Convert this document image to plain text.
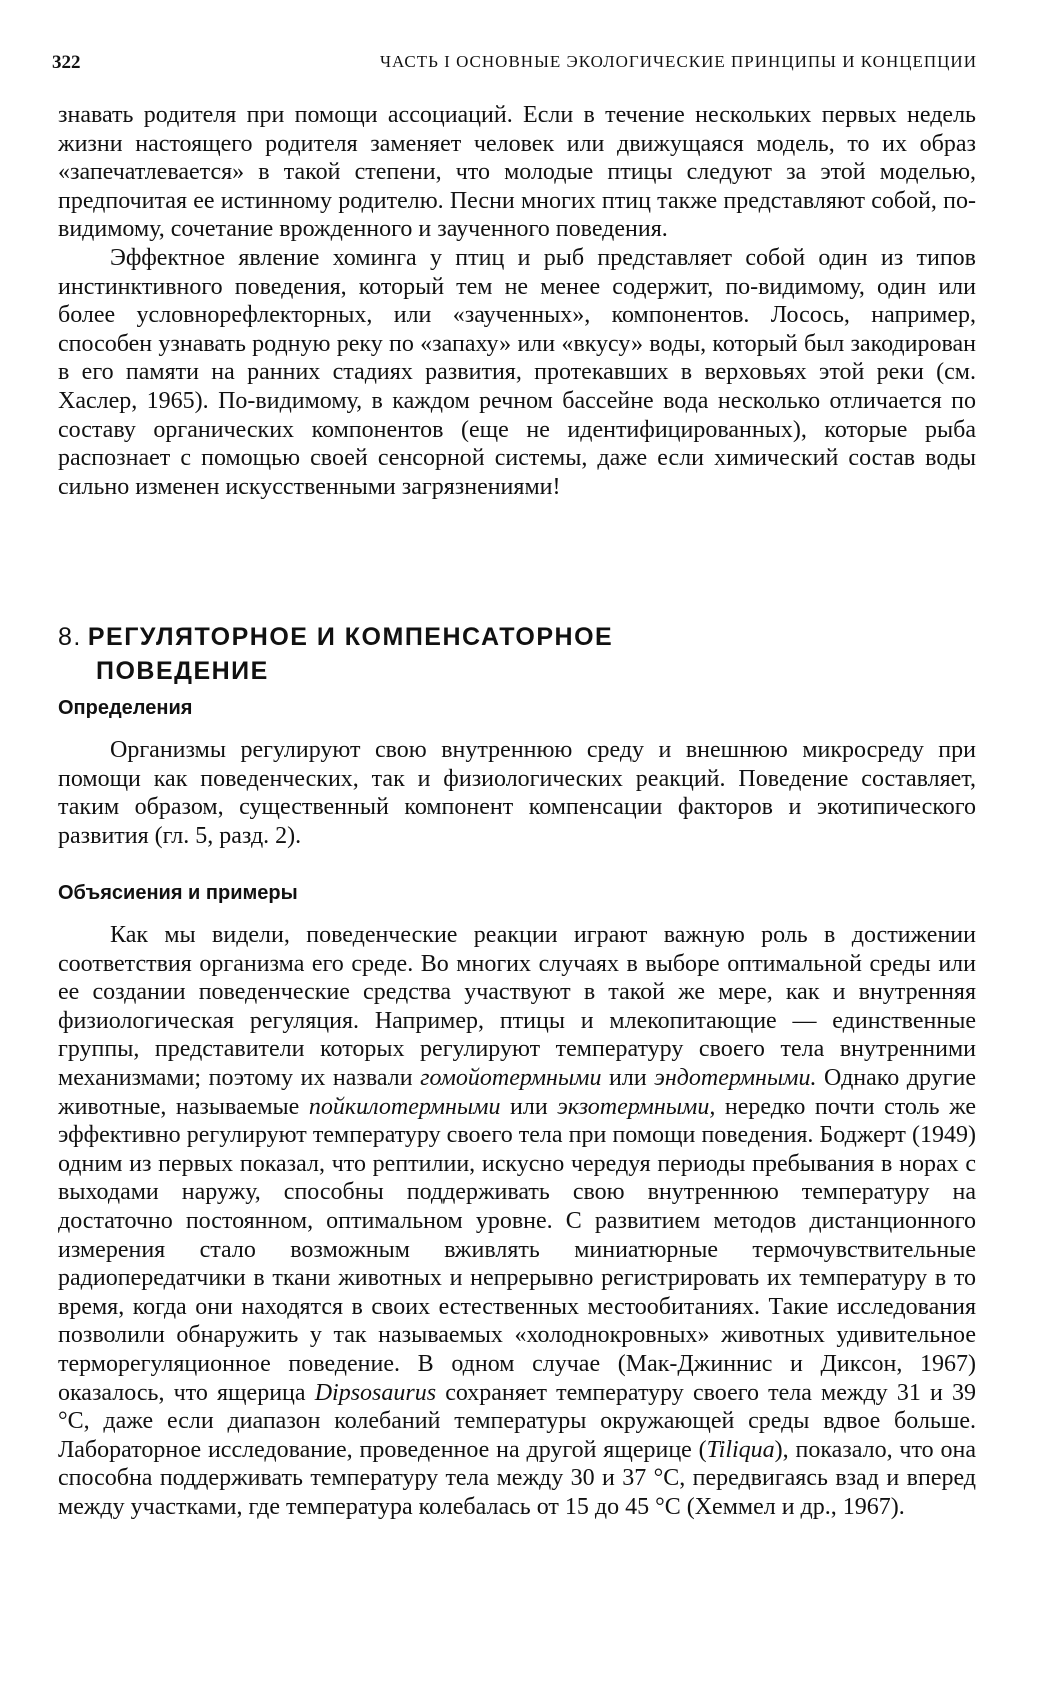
322	ЧАСТЬ I ОСНОВНЫЕ ЭКОЛОГИЧЕСКИЕ ПРИНЦИПЫ И КОНЦЕПЦИИ

знавать родителя при помощи ассоциаций. Если в течение нескольких первых недель жизни настоящего родителя заменяет человек или движущаяся модель, то их образ «запечатлевается» в такой степени, что молодые птицы следуют за этой моделью, предпочитая ее истинному родителю. Песни многих птиц также представляют собой, по-видимому, сочетание врожденного и заученного поведения.

Эффектное явление хоминга у птиц и рыб представляет собой один из типов инстинктивного поведения, который тем не менее содержит, по-видимому, один или более условнорефлекторных, или «заученных», компонентов. Лосось, например, способен узнавать родную реку по «запаху» или «вкусу» воды, который был закодирован в его памяти на ранних стадиях развития, протекавших в верховьях этой реки (см. Хаслер, 1965). По-видимому, в каждом речном бассейне вода несколько отличается по составу органических компонентов (еще не идентифицированных), которые рыба распознает с помощью своей сенсорной системы, даже если химический состав воды сильно изменен искусственными загрязнениями!

8. РЕГУЛЯТОРНОЕ И КОМПЕНСАТОРНОЕ
ПОВЕДЕНИЕ
Определения

Организмы регулируют свою внутреннюю среду и внешнюю микросреду при помощи как поведенческих, так и физиологических реакций. Поведение составляет, таким образом, существенный компонент компенсации факторов и экотипического развития (гл. 5, разд. 2).

Объясиения и примеры

Как мы видели, поведенческие реакции играют важную роль в достижении соответствия организма его среде. Во многих случаях в выборе оптимальной среды или ее создании поведенческие средства участвуют в такой же мере, как и внутренняя физиологическая регуляция. Например, птицы и млекопитающие — единственные группы, представители которых регулируют температуру своего тела внутренними механизмами; поэтому их назвали гомойотермными или эндотермными. Однако другие животные, называемые пойкилотермными или экзотермными, нередко почти столь же эффективно регулируют температуру своего тела при помощи поведения. Боджерт (1949) одним из первых показал, что рептилии, искусно чередуя периоды пребывания в норах с выходами наружу, способны поддерживать свою внутреннюю температуру на достаточно постоянном, оптимальном уровне. С развитием методов дистанционного измерения стало возможным вживлять миниатюрные термочувствительные радиопередатчики в ткани животных и непрерывно регистрировать их температуру в то время, когда они находятся в своих естественных местообитаниях. Такие исследования позволили обнаружить у так называемых «холоднокровных» животных удивительное терморегуляционное поведение. В одном случае (Мак-Джиннис и Диксон, 1967) оказалось, что ящерица Dipsosaurus сохраняет температуру своего тела между 31 и 39 °C, даже если диапазон колебаний температуры окружающей среды вдвое больше. Лабораторное исследование, проведенное на другой ящерице (Tiliqua), показало, что она способна поддерживать температуру тела между 30 и 37 °C, передвигаясь взад и вперед между участками, где температура колебалась от 15 до 45 °C (Хеммел и др., 1967).
